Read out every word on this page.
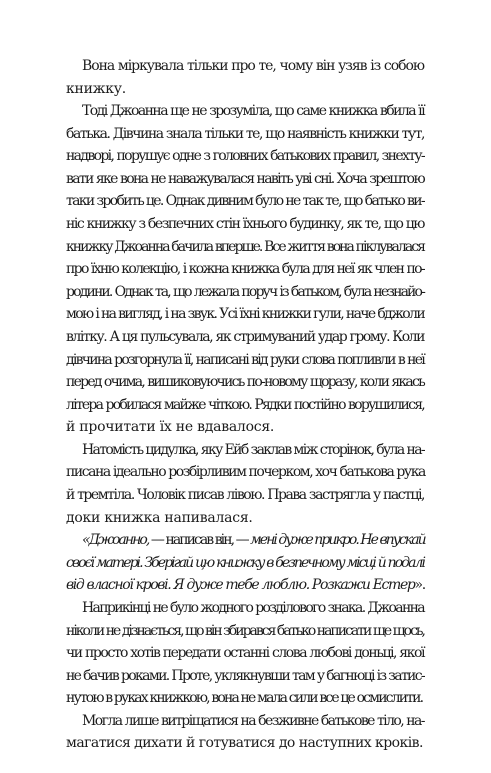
Вона міркувала тільки про те, чому він узяв із собою
книжку.
Тоді Джоанна ще не зрозуміла, що саме книжка вбила її
батька. Дівчина знала тільки те, що наявність книжки тут,
надворі, порушує одне з головних батькових правил, знехту-
вати яке вона не наважувалася навіть уві сні. Хоча зрештою
таки зробить це. Однак дивним було не так те, що батько ви-
ніс книжку з безпечних стін їхнього будинку, як те, що цю
книжку Джоанна бачила вперше. Все життя вона піклувалася
про їхню колекцію, і кожна книжка була для неї як член по-
родини. Однак та, що лежала поруч із батьком, була незнайо-
мою і на вигляд, і на звук. Усі їхні книжки гули, наче бджоли
влітку. А ця пульсувала, як стримуваний удар грому. Коли
дівчина розгорнула її, написані від руки слова попливли в неї
перед очима, вишиковуючись по-новому щоразу, коли якась
літера робилася майже чіткою. Рядки постійно ворушилися,
й прочитати їх не вдавалося.
Натомість цидулка, яку Ейб заклав між сторінок, була на-
писана ідеально розбірливим почерком, хоч батькова рука
й тремтіла. Чоловік писав лівою. Права застрягла у пастці,
доки книжка напивалася.
«Джоанно, — написав він, — мені дуже прикро. Не впускай
своєї матері. Зберігай цю книжку в безпечному місці й подалі
від власної крові. Я дуже тебе люблю. Розкажи Естер».
Наприкінці не було жодного розділового знака. Джоанна
ніколи не дізнається, що він збирався батько написати ще щось,
чи просто хотів передати останні слова любові доньці, якої
не бачив роками. Проте, уклякнувши там у багнюці із затис-
нутою в руках книжкою, вона не мала сили все це осмислити.
Могла лише витріщатися на безживне батькове тіло, на-
магатися дихати й готуватися до наступних кроків.
